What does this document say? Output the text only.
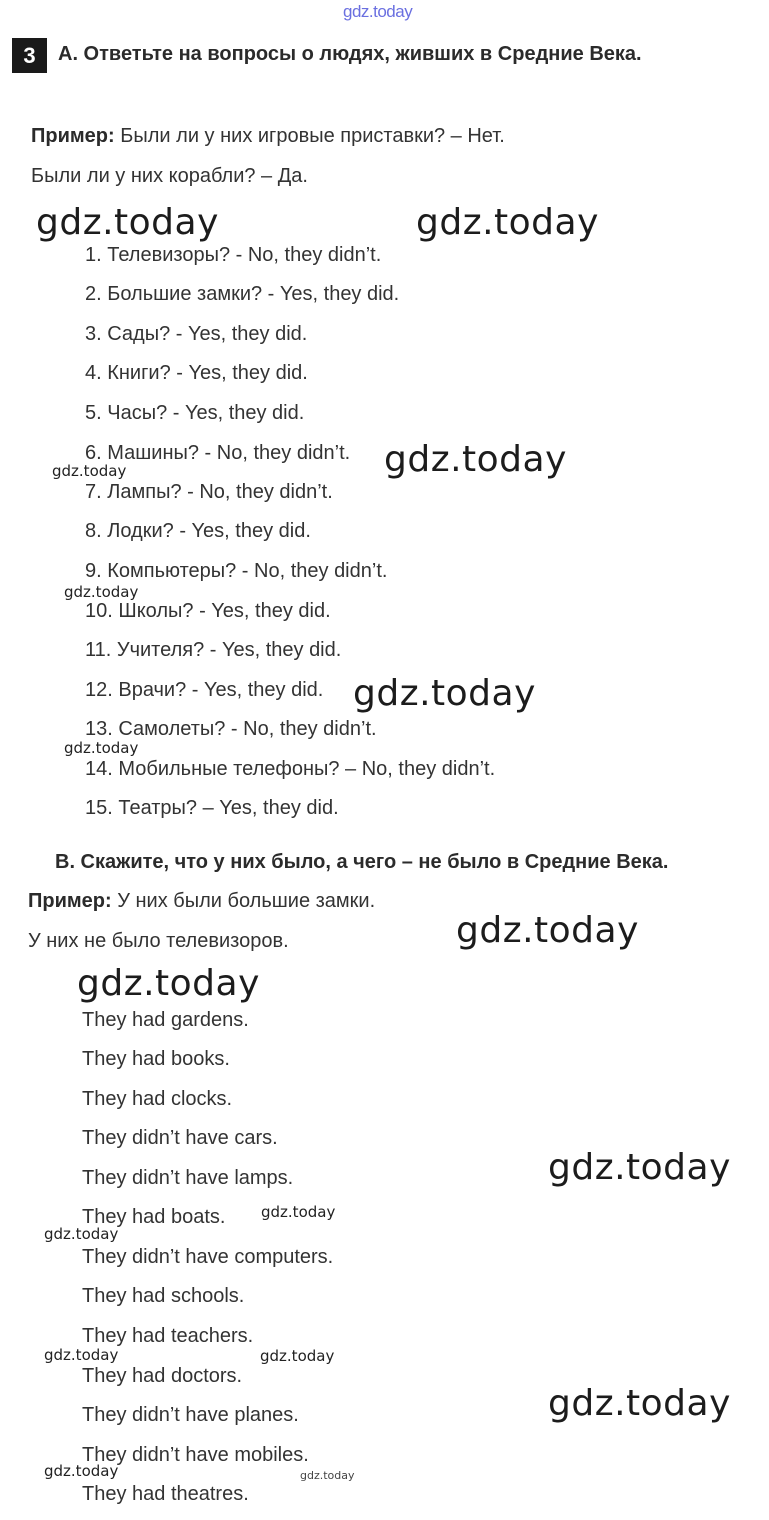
gdz.today
3	А. Ответьте на вопросы о людях, живших в Средние Века.
Пример: Были ли у них игровые приставки? – Нет.
Были ли у них корабли? – Да.
1. Телевизоры? - No, they didn’t.
2. Большие замки? - Yes, they did.
3. Сады? - Yes, they did.
4. Книги? - Yes, they did.
5. Часы? - Yes, they did.
6. Машины? - No, they didn’t.
7. Лампы? - No, they didn’t.
8. Лодки? - Yes, they did.
9. Компьютеры? - No, they didn’t.
10. Школы? - Yes, they did.
11. Учителя? - Yes, they did.
12. Врачи? - Yes, they did.
13. Самолеты? - No, they didn’t.
14. Мобильные телефоны? – No, they didn’t.
15. Театры? – Yes, they did.
В. Скажите, что у них было, а чего – не было в Средние Века.
Пример: У них были большие замки.
У них не было телевизоров.
They had gardens.
They had books.
They had clocks.
They didn’t have cars.
They didn’t have lamps.
They had boats.
They didn’t have computers.
They had schools.
They had teachers.
They had doctors.
They didn’t have planes.
They didn’t have mobiles.
They had theatres.
gdz.today	gdz.today
gdz.today
gdz.today
gdz.today
gdz.today
gdz.today
gdz.today
gdz.today
gdz.today
gdz.today
gdz.today
gdz.today	gdz.today
gdz.today
gdz.today	gdz.today
